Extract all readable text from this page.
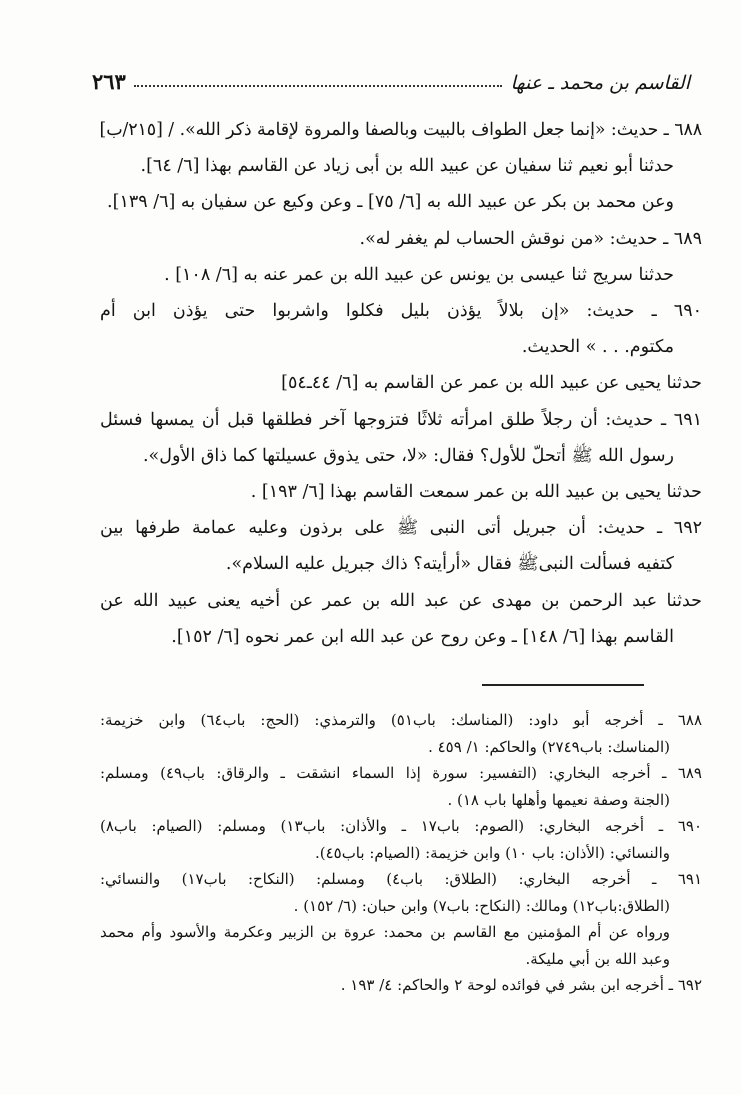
القاسم بن محمد ـ عنها
٢٦٣
٦٨٨ ـ حديث: «إنما جعل الطواف بالبيت وبالصفا والمروة لإقامة ذكر الله». / [٢١٥/ب]
حدثنا أبو نعيم ثنا سفيان عن عبيد الله بن أبى زياد عن القاسم بهذا [٦/ ٦٤].
وعن محمد بن بكر عن عبيد الله به [٦/ ٧٥] ـ وعن وكيع عن سفيان به [٦/ ١٣٩].
٦٨٩ ـ حديث: «من نوقش الحساب لم يغفر له».
حدثنا سريج ثنا عيسى بن يونس عن عبيد الله بن عمر عنه به [٦/ ١٠٨] .
٦٩٠ ـ حديث: «إن بلالاً يؤذن بليل فكلوا واشربوا حتى يؤذن ابن أم
مكتوم. . . » الحديث.
حدثنا يحيى عن عبيد الله بن عمر عن القاسم به [٦/ ٤٤ـ٥٤]
٦٩١ ـ حديث: أن رجلاً طلق امرأته ثلاثًا فتزوجها آخر فطلقها قبل أن يمسها فسئل
رسول الله ﷺ أتحلّ للأول؟ فقال: «لا، حتى يذوق عسيلتها كما ذاق الأول».
حدثنا يحيى بن عبيد الله بن عمر سمعت القاسم بهذا [٦/ ١٩٣] .
٦٩٢ ـ حديث: أن جبريل أتى النبى ﷺ على برذون وعليه عمامة طرفها بين
كتفيه فسألت النبىﷺ فقال «أرأيته؟ ذاك جبريل عليه السلام».
حدثنا عبد الرحمن بن مهدى عن عبد الله بن عمر عن أخيه يعنى عبيد الله عن
القاسم بهذا [٦/ ١٤٨] ـ وعن روح عن عبد الله ابن عمر نحوه [٦/ ١٥٢].
٦٨٨ ـ أخرجه أبو داود: (المناسك: باب٥١) والترمذي: (الحج: باب٦٤) وابن خزيمة:
(المناسك: باب٢٧٤٩) والحاكم: ١/ ٤٥٩ .
٦٨٩ ـ أخرجه البخاري: (التفسير: سورة إذا السماء انشقت ـ والرقاق: باب٤٩) ومسلم:
(الجنة وصفة نعيمها وأهلها باب ١٨) .
٦٩٠ ـ أخرجه البخاري: (الصوم: باب١٧ ـ والأذان: باب١٣) ومسلم: (الصيام: باب٨)
والنسائي: (الأذان: باب ١٠) وابن خزيمة: (الصيام: باب٤٥).
٦٩١ ـ أخرجه البخاري: (الطلاق: باب٤) ومسلم: (النكاح: باب١٧) والنسائي:
(الطلاق:باب١٢) ومالك: (النكاح: باب٧) وابن حبان: (٦/ ١٥٢) .
ورواه عن أم المؤمنين مع القاسم بن محمد: عروة بن الزبير وعكرمة والأسود وأم محمد
وعبد الله بن أبي مليكة.
٦٩٢ ـ أخرجه ابن بشر في فوائده لوحة ٢ والحاكم: ٤/ ١٩٣ .
